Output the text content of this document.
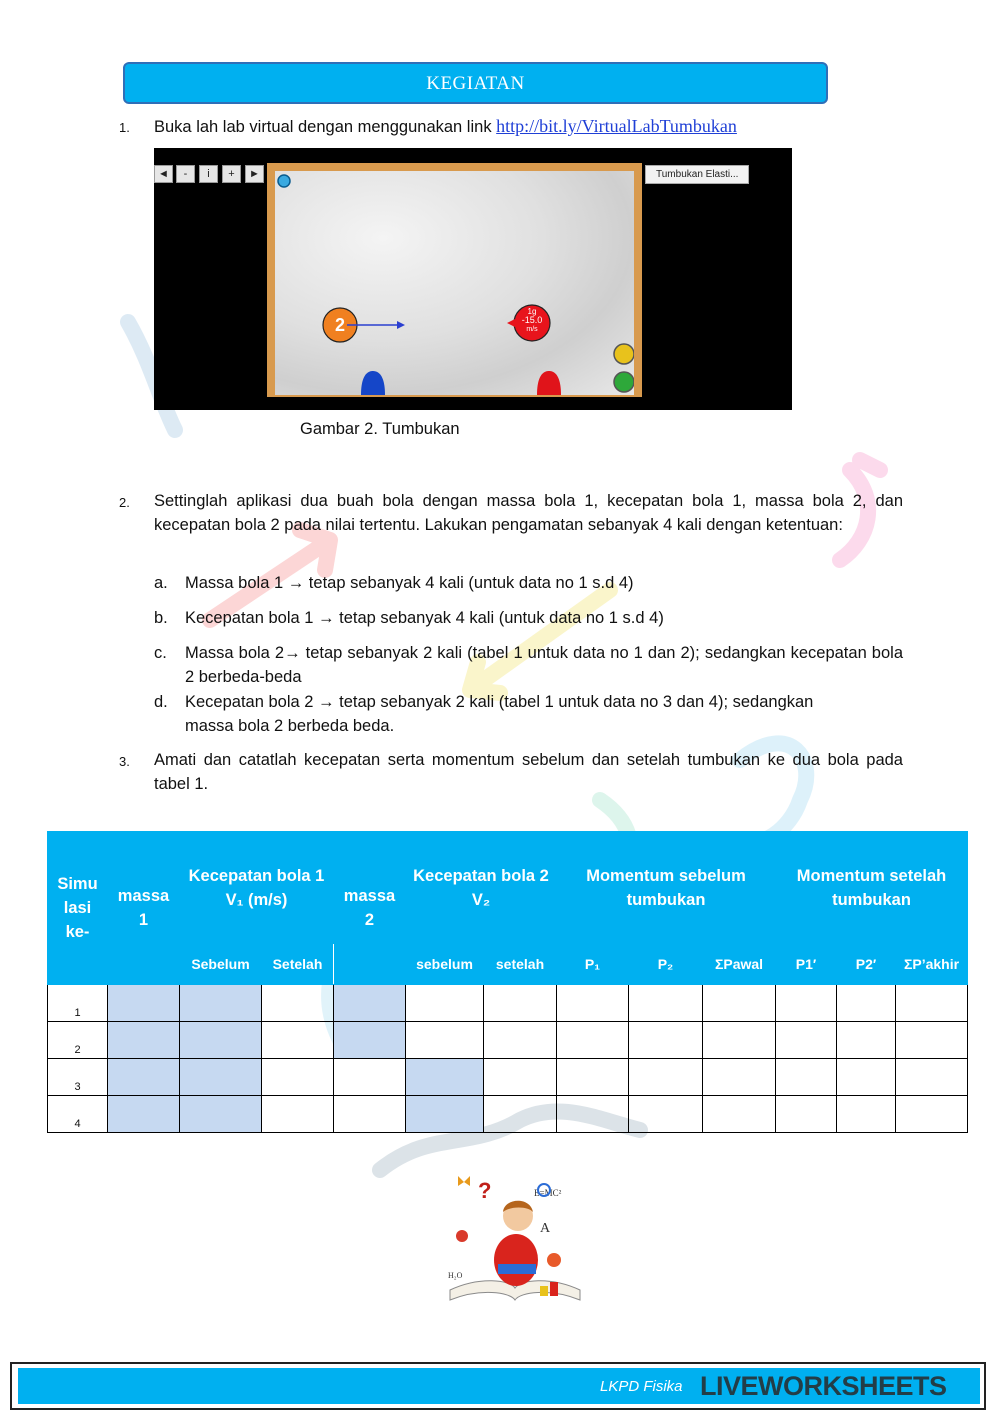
KEGIATAN
1. Buka lah lab virtual dengan menggunakan link http://bit.ly/VirtualLabTumbukan
◄	-	i	+	►
2
1g
-15.0
m/s
Tumbukan Elasti...
Gambar 2. Tumbukan
2. Settinglah aplikasi dua buah bola dengan massa bola 1, kecepatan bola 1, massa bola 2, dan kecepatan bola 2 pada nilai tertentu. Lakukan pengamatan sebanyak 4 kali dengan ketentuan:
a. Massa bola 1 → tetap sebanyak 4 kali (untuk data no 1 s.d 4)
b. Kecepatan bola 1 → tetap sebanyak 4 kali (untuk data no 1 s.d 4)
c. Massa bola 2→ tetap sebanyak 2 kali (tabel 1 untuk data no 1 dan 2); sedangkan kecepatan bola 2 berbeda-beda
d. Kecepatan bola 2 → tetap sebanyak 2 kali (tabel 1 untuk data no 3 dan 4); sedangkan massa bola 2 berbeda beda.
3. Amati dan catatlah kecepatan serta momentum sebelum dan setelah tumbukan ke dua bola pada tabel 1.
Simu lasi ke-	massa 1	Kecepatan bola 1 V₁ (m/s)		massa 2	Kecepatan bola 2 V₂		Momentum sebelum tumbukan			Momentum setelah tumbukan		
		Sebelum	Setelah		sebelum	setelah	P₁	P₂	ΣPawal	P1′	P2′	ΣP’akhir
1												
2												
3												
4												
?	E=MC²
A
H₂O
LKPD Fisika LIVEWORKSHEETS
